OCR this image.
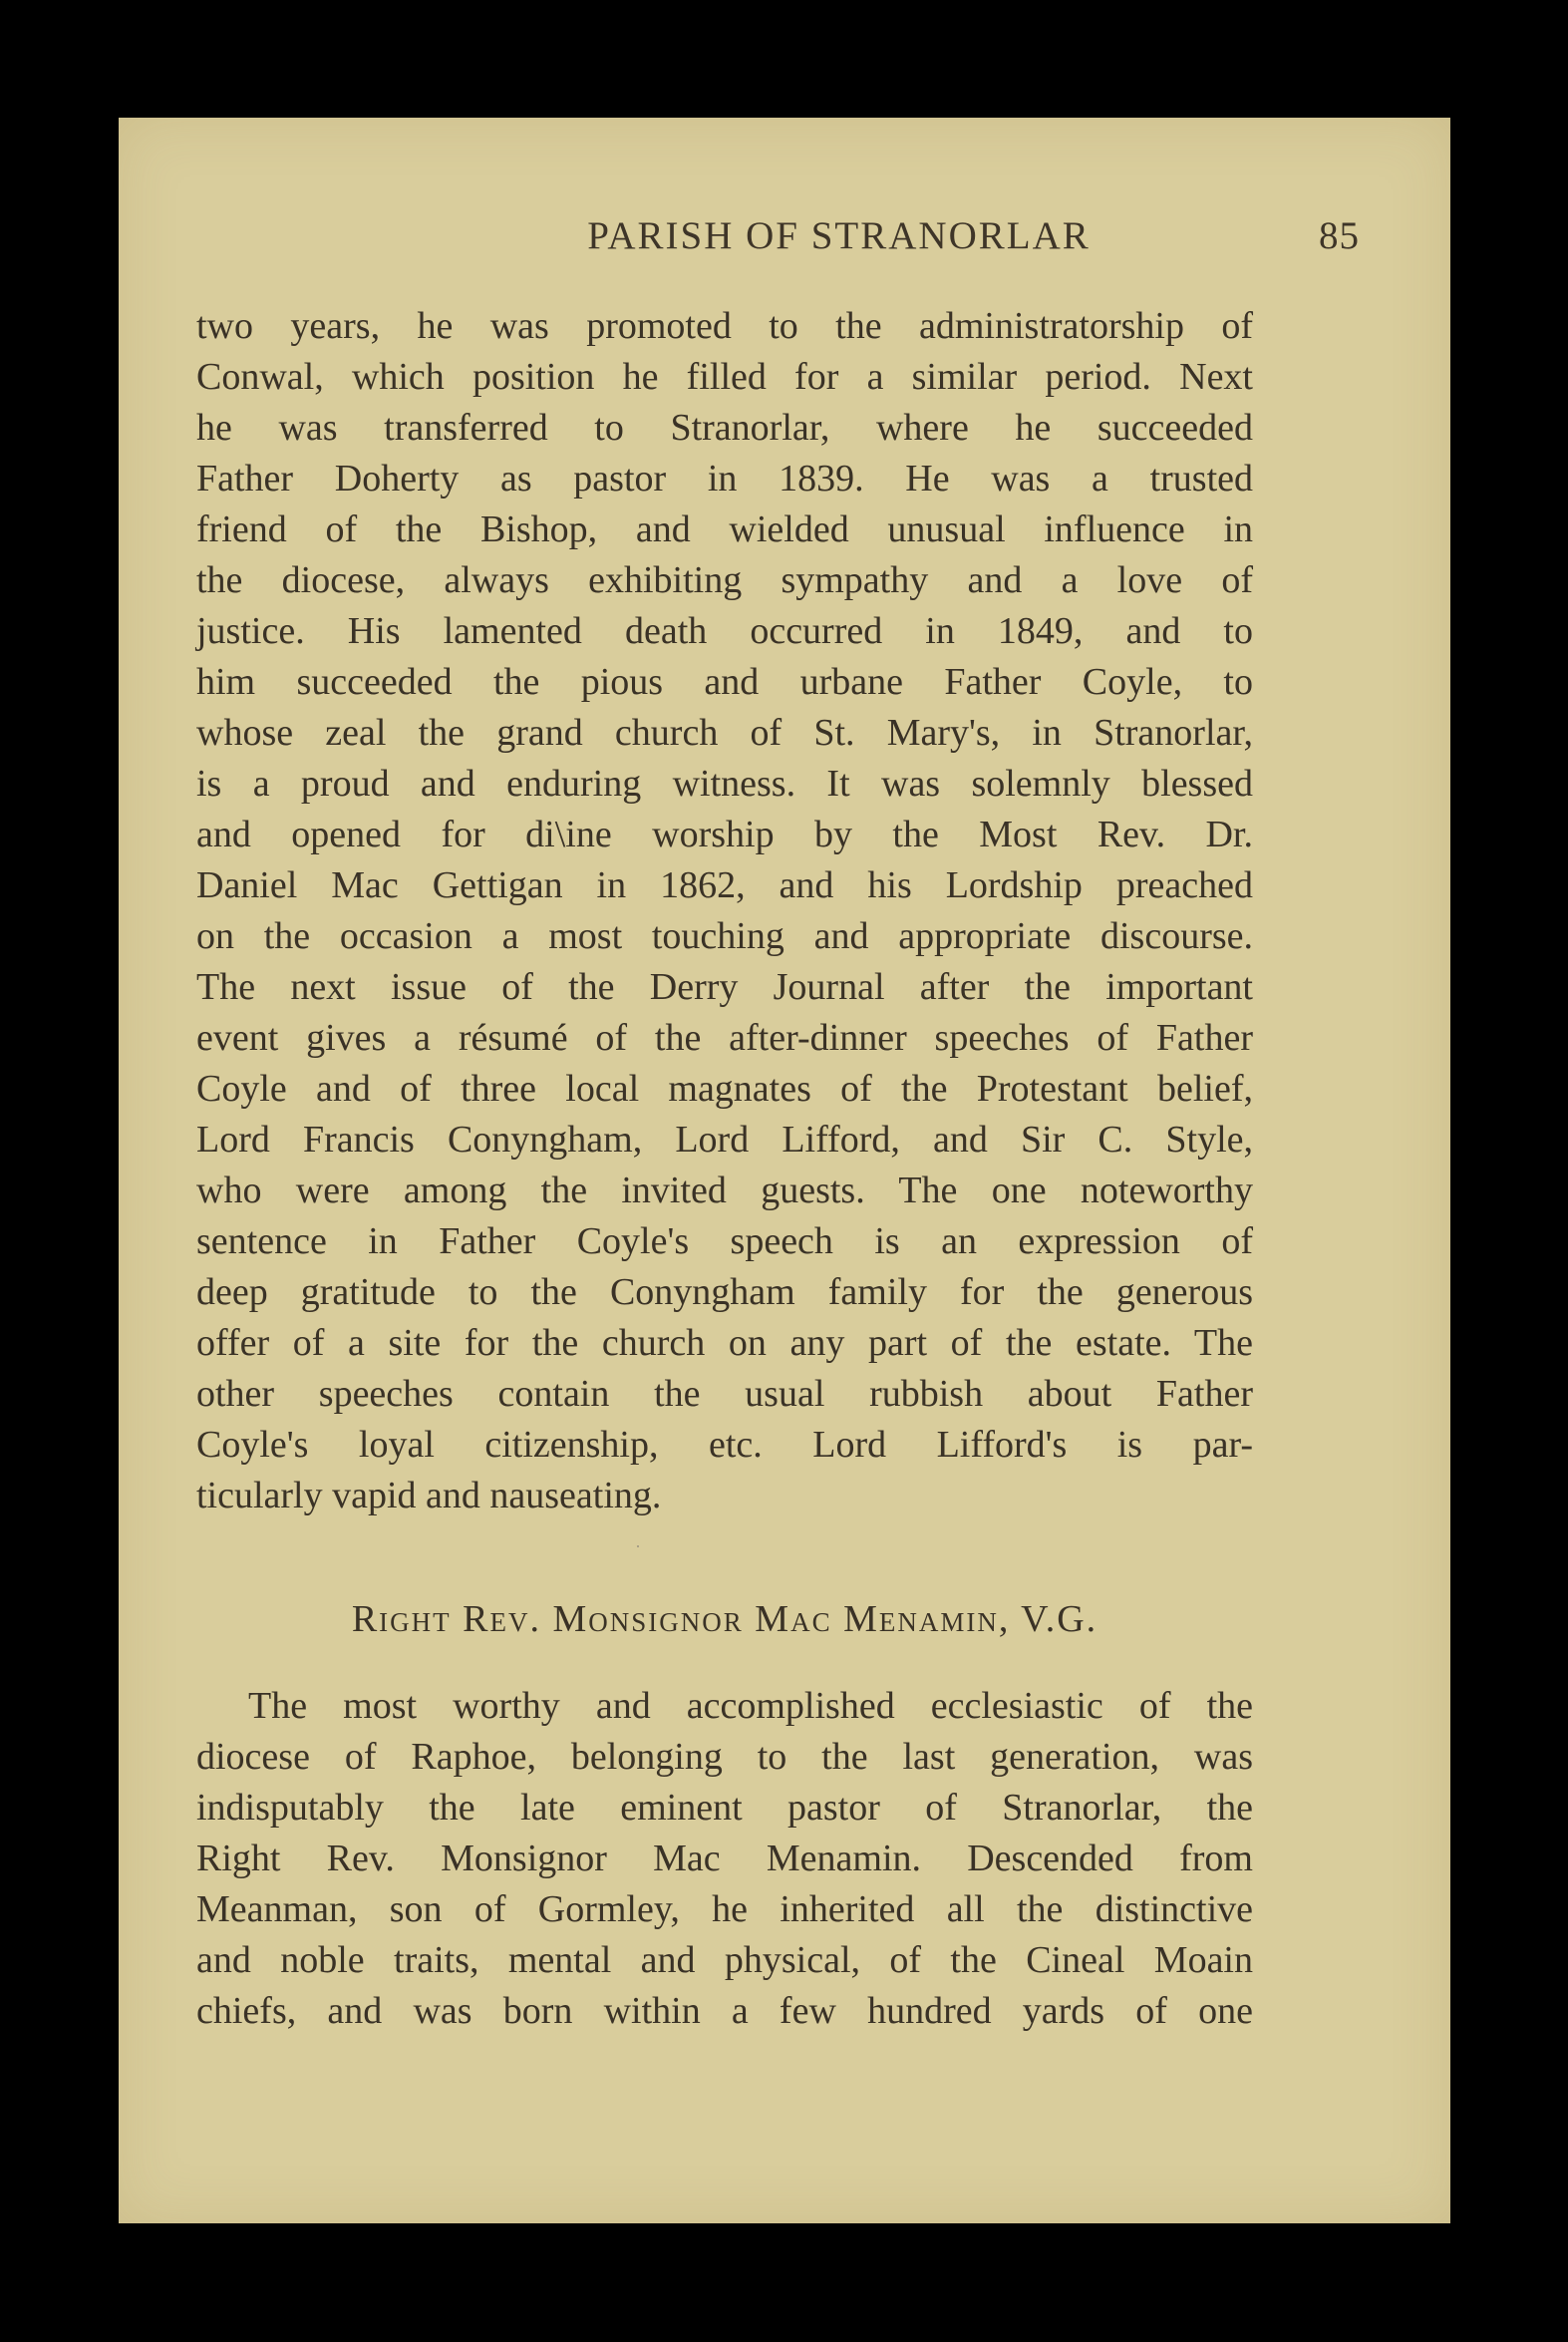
PARISH OF STRANORLAR	85
two years, he was promoted to the administratorship of
Conwal, which position he filled for a similar period. Next
he was transferred to Stranorlar, where he succeeded
Father Doherty as pastor in 1839. He was a trusted
friend of the Bishop, and wielded unusual influence in
the diocese, always exhibiting sympathy and a love of
justice. His lamented death occurred in 1849, and to
him succeeded the pious and urbane Father Coyle, to
whose zeal the grand church of St. Mary's, in Stranorlar,
is a proud and enduring witness. It was solemnly blessed
and opened for di\ine worship by the Most Rev. Dr.
Daniel Mac Gettigan in 1862, and his Lordship preached
on the occasion a most touching and appropriate discourse.
The next issue of the Derry Journal after the important
event gives a résumé of the after-dinner speeches of Father
Coyle and of three local magnates of the Protestant belief,
Lord Francis Conyngham, Lord Lifford, and Sir C. Style,
who were among the invited guests. The one noteworthy
sentence in Father Coyle's speech is an expression of
deep gratitude to the Conyngham family for the generous
offer of a site for the church on any part of the estate. The
other speeches contain the usual rubbish about Father
Coyle's loyal citizenship, etc. Lord Lifford's is par-
ticularly vapid and nauseating.
Right Rev. Monsignor Mac Menamin, V.G.
The most worthy and accomplished ecclesiastic of the
diocese of Raphoe, belonging to the last generation, was
indisputably the late eminent pastor of Stranorlar, the
Right Rev. Monsignor Mac Menamin. Descended from
Meanman, son of Gormley, he inherited all the distinctive
and noble traits, mental and physical, of the Cineal Moain
chiefs, and was born within a few hundred yards of one
